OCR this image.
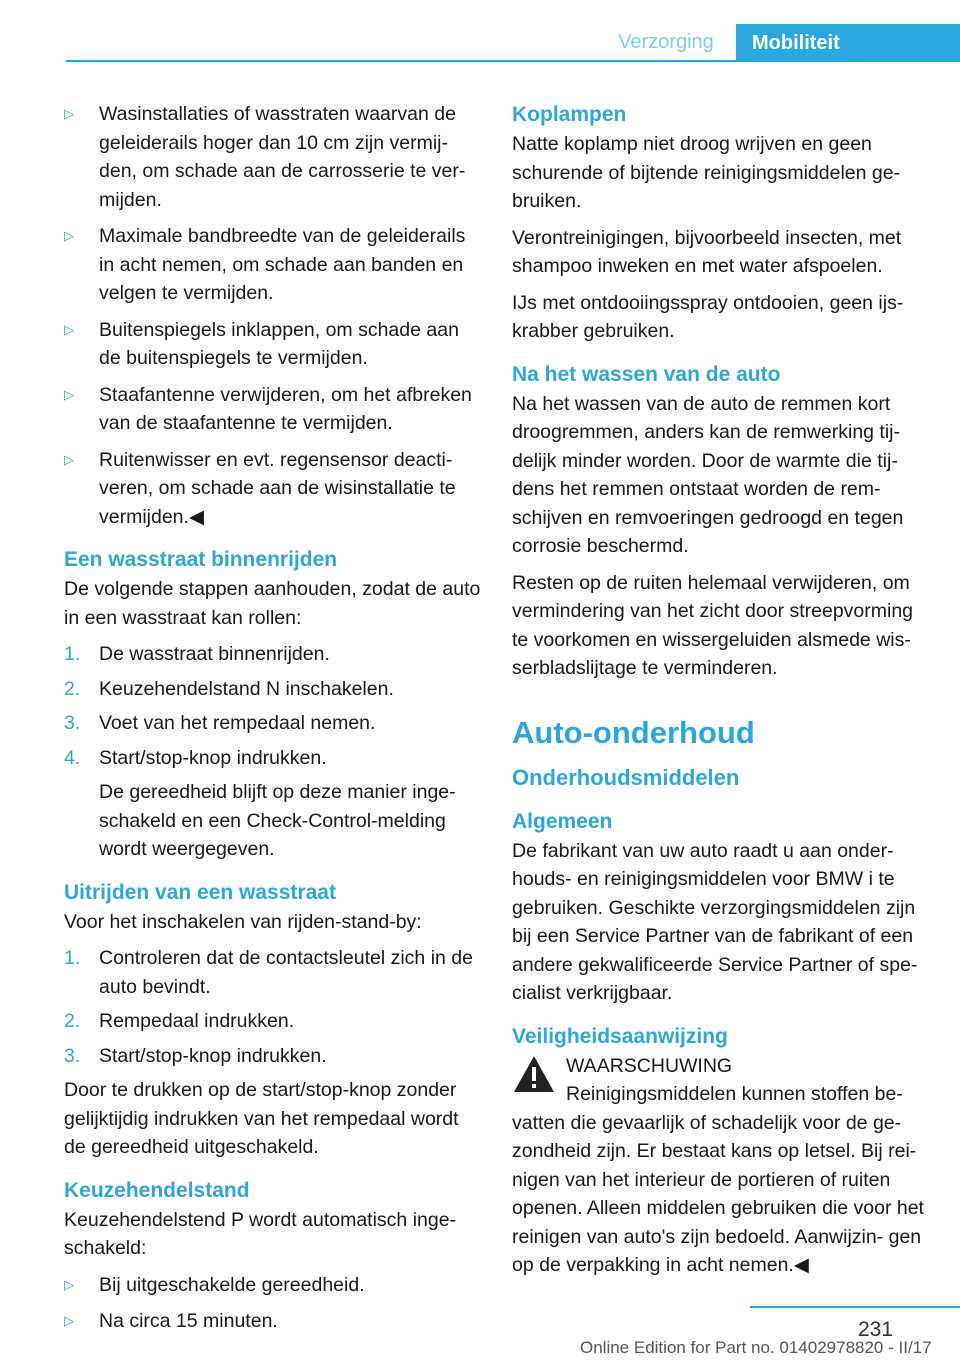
Verzorging	Mobiliteit
▷ Wasinstallaties of wasstraten waarvan de geleiderails hoger dan 10 cm zijn vermij‐ den, om schade aan de carrosserie te ver‐ mijden.
▷ Maximale bandbreedte van de geleiderails in acht nemen, om schade aan banden en velgen te vermijden.
▷ Buitenspiegels inklappen, om schade aan de buitenspiegels te vermijden.
▷ Staafantenne verwijderen, om het afbreken van de staafantenne te vermijden.
▷ Ruitenwisser en evt. regensensor deacti‐ veren, om schade aan de wisinstallatie te vermijden.◀
Een wasstraat binnenrijden

De volgende stappen aanhouden, zodat de auto in een wasstraat kan rollen:

1. De wasstraat binnenrijden.
2. Keuzehendelstand N inschakelen.
3. Voet van het rempedaal nemen.
4. Start/stop-knop indrukken.
De gereedheid blijft op deze manier inge‐ schakeld en een Check-Control-melding wordt weergegeven.
Uitrijden van een wasstraat

Voor het inschakelen van rijden-stand-by:

1. Controleren dat de contactsleutel zich in de auto bevindt.
2. Rempedaal indrukken.
3. Start/stop-knop indrukken.

Door te drukken op de start/stop-knop zonder gelijktijdig indrukken van het rempedaal wordt de gereedheid uitgeschakeld.

Keuzehendelstand

Keuzehendelstend P wordt automatisch inge‐ schakeld:

▷ Bij uitgeschakelde gereedheid.
▷ Na circa 15 minuten.
Koplampen

Natte koplamp niet droog wrijven en geen schurende of bijtende reinigingsmiddelen ge‐ bruiken.

Verontreinigingen, bijvoorbeeld insecten, met shampoo inweken en met water afspoelen.

IJs met ontdooiingsspray ontdooien, geen ijs‐ krabber gebruiken.

Na het wassen van de auto

Na het wassen van de auto de remmen kort droogremmen, anders kan de remwerking tij‐ delijk minder worden. Door de warmte die tij‐ dens het remmen ontstaat worden de rem‐ schijven en remvoeringen gedroogd en tegen corrosie beschermd.

Resten op de ruiten helemaal verwijderen, om vermindering van het zicht door streepvorming te voorkomen en wissergeluiden alsmede wis‐ serbladslijtage te verminderen.

Auto-onderhoud
Onderhoudsmiddelen
Algemeen

De fabrikant van uw auto raadt u aan onder‐ houds- en reinigingsmiddelen voor BMW i te gebruiken. Geschikte verzorgingsmiddelen zijn bij een Service Partner van de fabrikant of een andere gekwalificeerde Service Partner of spe‐ cialist verkrijgbaar.

Veiligheidsaanwijzing
WAARSCHUWING
Reinigingsmiddelen kunnen stoffen be‐ vatten die gevaarlijk of schadelijk voor de ge‐ zondheid zijn. Er bestaat kans op letsel. Bij rei‐ nigen van het interieur de portieren of ruiten openen. Alleen middelen gebruiken die voor het reinigen van auto's zijn bedoeld. Aanwijzin‐ gen op de verpakking in acht nemen.◀
231
Online Edition for Part no. 01402978820 - II/17
